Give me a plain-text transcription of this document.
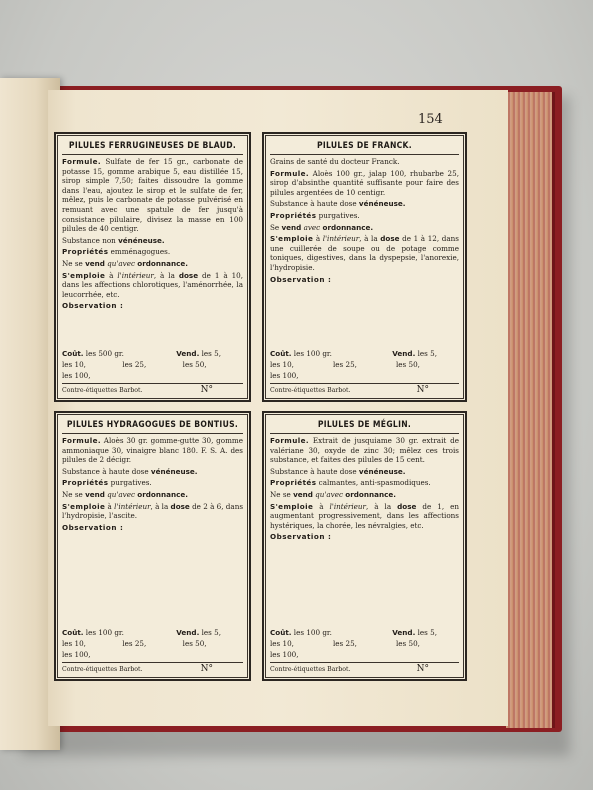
154
PILULES FERRUGINEUSES DE BLAUD.

Formule. Sulfate de fer 15 gr., carbonate de potasse 15, gomme arabique 5, eau distillée 15, sirop simple 7,50; faites dissoudre la gomme dans l'eau, ajoutez le sirop et le sulfate de fer, mêlez, puis le carbonate de potasse pulvérisé en remuant avec une spatule de fer jusqu'à consistance pilulaire, divisez la masse en 100 pilules de 40 centigr.

Substance non vénéneuse.

Propriétés emménagogues.

Ne se vend qu'avec ordonnance.

S'emploie à l'intérieur, à la dose de 1 à 10, dans les affections chlorotiques, l'aménorrhée, la leucorrhée, etc.

Observation :
Coût. les 500 gr.	Vend. les 5,
les 10,	les 25,	les 50,
les 100,
Contre-étiquettes Barbot.	N°
PILULES DE FRANCK.

Grains de santé du docteur Franck.

Formule. Aloès 100 gr., jalap 100, rhubarbe 25, sirop d'absinthe quantité suffisante pour faire des pilules argentées de 10 centigr.

Substance à haute dose vénéneuse.

Propriétés purgatives.

Se vend avec ordonnance.

S'emploie à l'intérieur, à la dose de 1 à 12, dans une cuillerée de soupe ou de potage comme toniques, digestives, dans la dyspepsie, l'anorexie, l'hydropisie.

Observation :
Coût. les 100 gr.	Vend. les 5,
les 10,	les 25,	les 50,
les 100,
Contre-étiquettes Barbot.	N°
PILULES HYDRAGOGUES DE BONTIUS.

Formule. Aloès 30 gr. gomme-gutte 30, gomme ammoniaque 30, vinaigre blanc 180. F. S. A. des pilules de 2 décigr.

Substance à haute dose vénéneuse.

Propriétés purgatives.

Ne se vend qu'avec ordonnance.

S'emploie à l'intérieur, à la dose de 2 à 6, dans l'hydropisie, l'ascite.

Observation :
Coût. les 100 gr.	Vend. les 5,
les 10,	les 25,	les 50,
les 100,
Contre-étiquettes Barbot.	N°
PILULES DE MÉGLIN.

Formule. Extrait de jusquiame 30 gr. extrait de valériane 30, oxyde de zinc 30; mêlez ces trois substance, et faites des pilules de 15 cent.

Substance à haute dose vénéneuse.

Propriétés calmantes, anti-spasmodiques.

Ne se vend qu'avec ordonnance.

S'emploie à l'intérieur, à la dose de 1, en augmentant progressivement, dans les affections hystériques, la chorée, les névralgies, etc.

Observation :
Coût. les 100 gr.	Vend. les 5,
les 10,	les 25,	les 50,
les 100,
Contre-étiquettes Barbot.	N°
